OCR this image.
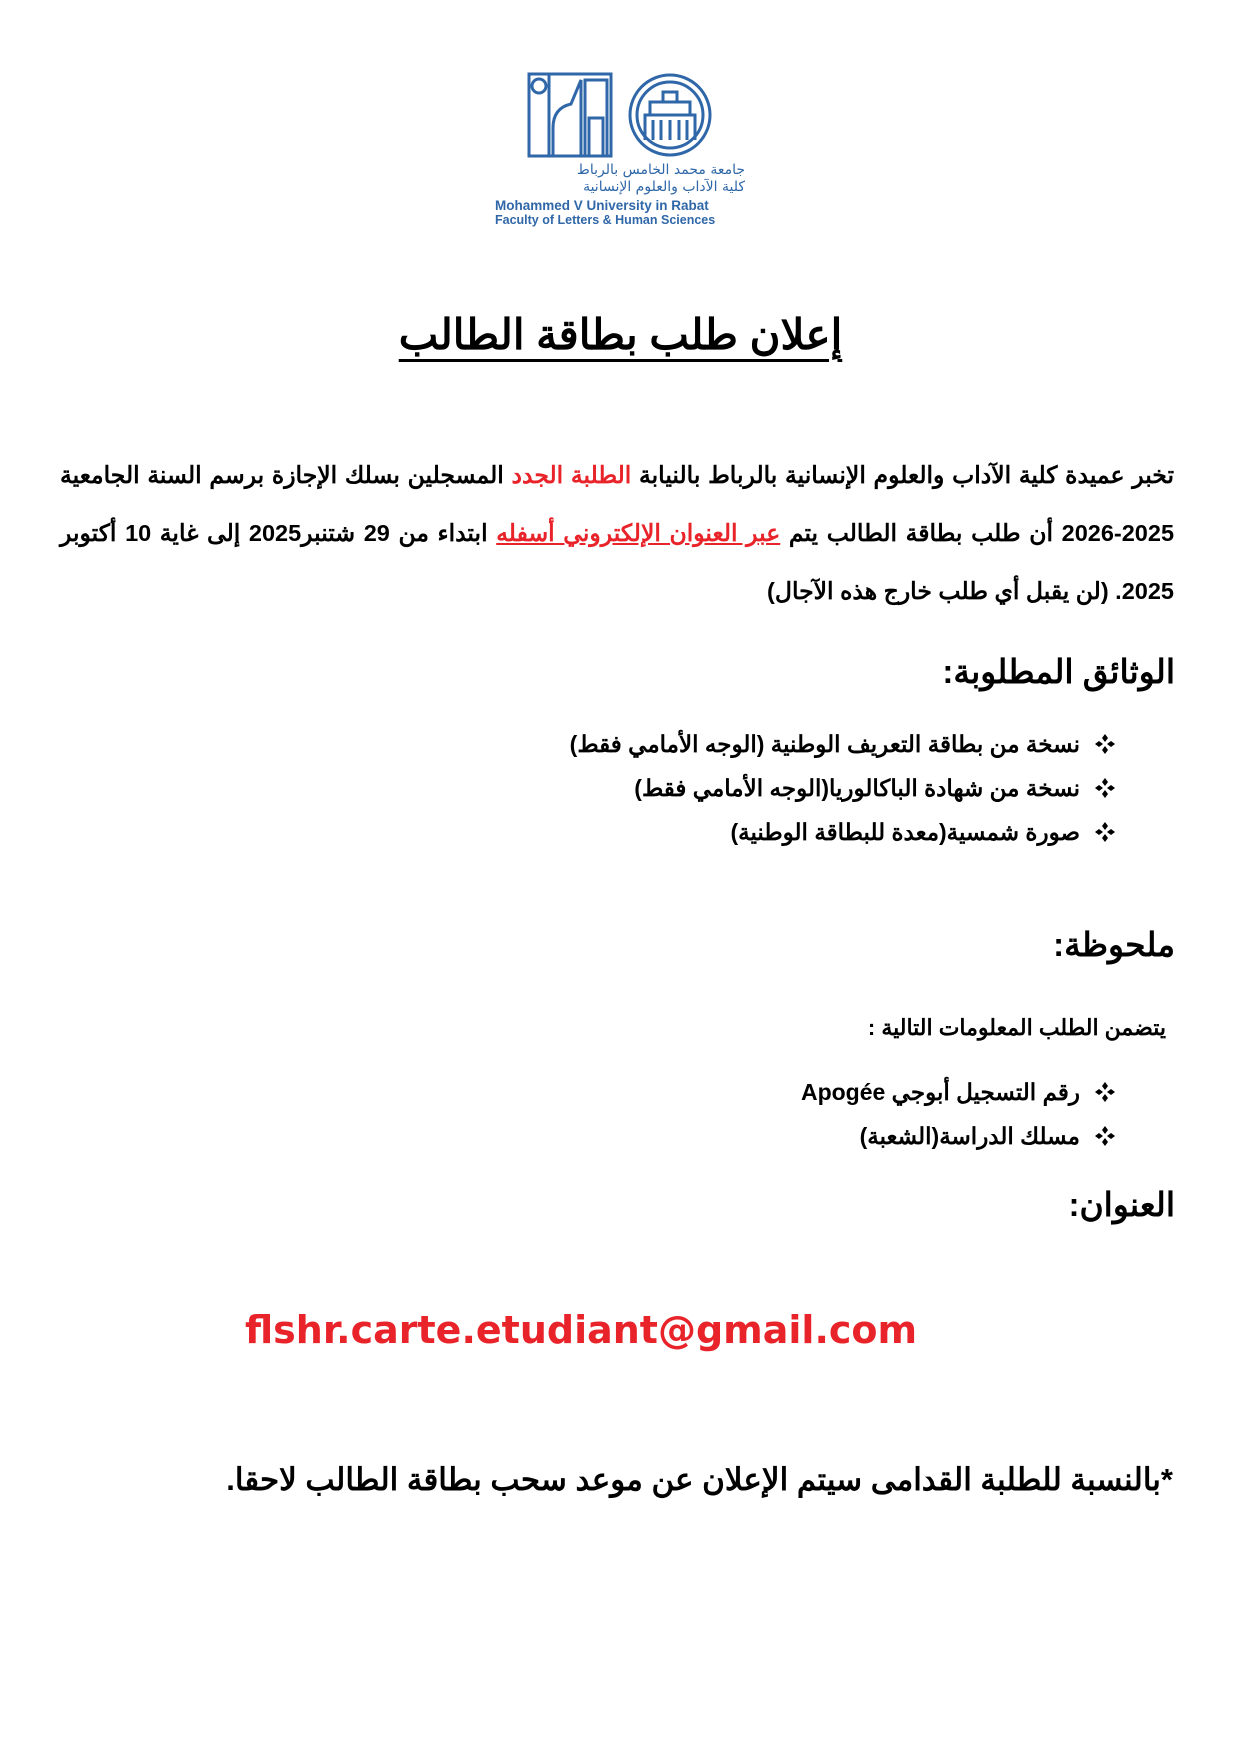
جامعة محمد الخامس بالرباط
كلية الآداب والعلوم الإنسانية
Mohammed V University in Rabat
Faculty of Letters & Human Sciences
إعلان طلب بطاقة الطالب
تخبر عميدة كلية الآداب والعلوم الإنسانية بالرباط بالنيابة الطلبة الجدد المسجلين بسلك الإجازة برسم السنة الجامعية 2025-2026 أن طلب بطاقة الطالب يتم عبر العنوان الإلكتروني أسفله ابتداء من 29 شتنبر2025 إلى غاية 10 أكتوبر 2025. (لن يقبل أي طلب خارج هذه الآجال)
الوثائق المطلوبة:
نسخة من بطاقة التعريف الوطنية (الوجه الأمامي فقط)
نسخة من شهادة الباكالوريا(الوجه الأمامي فقط)
صورة شمسية(معدة للبطاقة الوطنية)
ملحوظة:
يتضمن الطلب المعلومات التالية :
رقم التسجيل أبوجي Apogée
مسلك الدراسة(الشعبة)
العنوان:
flshr.carte.etudiant@gmail.com
*بالنسبة للطلبة القدامى سيتم الإعلان عن موعد سحب بطاقة الطالب لاحقا.
